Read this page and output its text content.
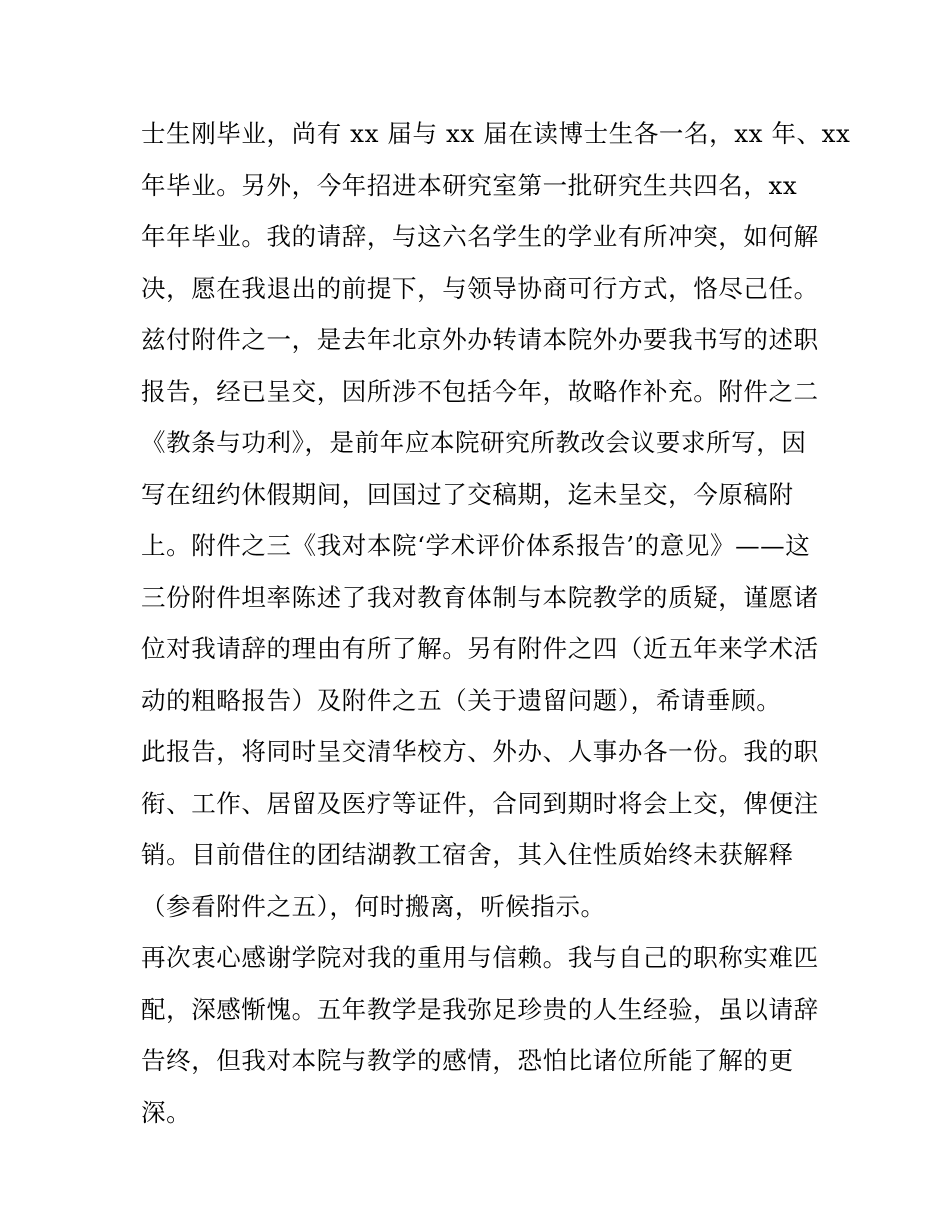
士生刚毕业，尚有 xx 届与 xx 届在读博士生各一名，xx 年、xx
年毕业。另外，今年招进本研究室第一批研究生共四名，xx
年年毕业。我的请辞，与这六名学生的学业有所冲突，如何解
决，愿在我退出的前提下，与领导协商可行方式，恪尽己任。
兹付附件之一，是去年北京外办转请本院外办要我书写的述职
报告，经已呈交，因所涉不包括今年，故略作补充。附件之二
《教条与功利》，是前年应本院研究所教改会议要求所写，因
写在纽约休假期间，回国过了交稿期，迄未呈交，今原稿附
上。附件之三《我对本院‘学术评价体系报告’的意见》——这
三份附件坦率陈述了我对教育体制与本院教学的质疑，谨愿诸
位对我请辞的理由有所了解。另有附件之四（近五年来学术活
动的粗略报告）及附件之五（关于遗留问题），希请垂顾。
此报告，将同时呈交清华校方、外办、人事办各一份。我的职
衔、工作、居留及医疗等证件，合同到期时将会上交，俾便注
销。目前借住的团结湖教工宿舍，其入住性质始终未获解释
（参看附件之五），何时搬离，听候指示。
再次衷心感谢学院对我的重用与信赖。我与自己的职称实难匹
配，深感惭愧。五年教学是我弥足珍贵的人生经验，虽以请辞
告终，但我对本院与教学的感情，恐怕比诸位所能了解的更
深。
